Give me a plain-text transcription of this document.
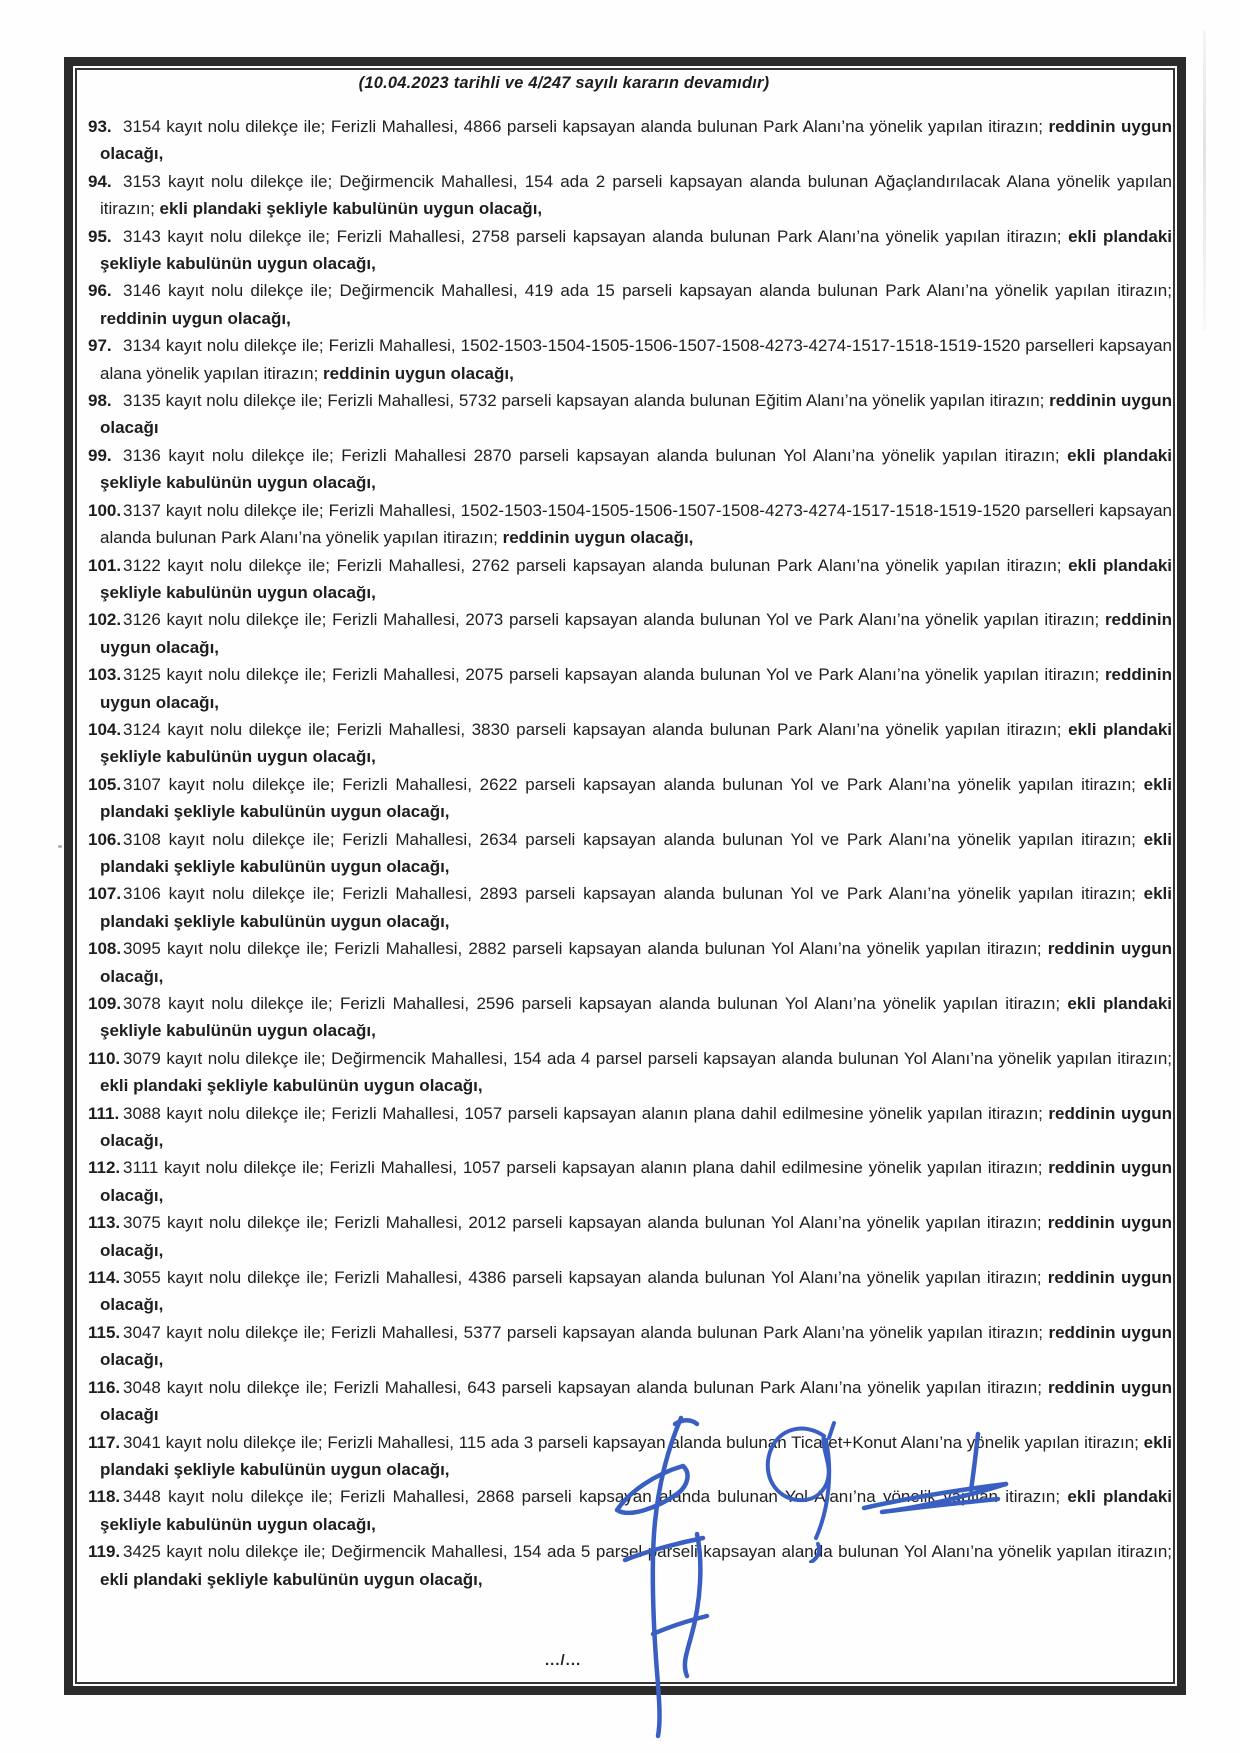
(10.04.2023 tarihli ve 4/247 sayılı kararın devamıdır)
93. 3154 kayıt nolu dilekçe ile; Ferizli Mahallesi, 4866 parseli kapsayan alanda bulunan Park Alanı’na yönelik yapılan itirazın; reddinin uygun olacağı,
94. 3153 kayıt nolu dilekçe ile; Değirmencik Mahallesi, 154 ada 2 parseli kapsayan alanda bulunan Ağaçlandırılacak Alana yönelik yapılan itirazın; ekli plandaki şekliyle kabulünün uygun olacağı,
95. 3143 kayıt nolu dilekçe ile; Ferizli Mahallesi, 2758 parseli kapsayan alanda bulunan Park Alanı’na yönelik yapılan itirazın; ekli plandaki şekliyle kabulünün uygun olacağı,
96. 3146 kayıt nolu dilekçe ile; Değirmencik Mahallesi, 419 ada 15 parseli kapsayan alanda bulunan Park Alanı’na yönelik yapılan itirazın; reddinin uygun olacağı,
97. 3134 kayıt nolu dilekçe ile; Ferizli Mahallesi, 1502-1503-1504-1505-1506-1507-1508-4273-4274-1517-1518-1519-1520 parselleri kapsayan alana yönelik yapılan itirazın; reddinin uygun olacağı,
98. 3135 kayıt nolu dilekçe ile; Ferizli Mahallesi, 5732 parseli kapsayan alanda bulunan Eğitim Alanı’na yönelik yapılan itirazın; reddinin uygun olacağı
99. 3136 kayıt nolu dilekçe ile; Ferizli Mahallesi 2870 parseli kapsayan alanda bulunan Yol Alanı’na yönelik yapılan itirazın; ekli plandaki şekliyle kabulünün uygun olacağı,
100. 3137 kayıt nolu dilekçe ile; Ferizli Mahallesi, 1502-1503-1504-1505-1506-1507-1508-4273-4274-1517-1518-1519-1520 parselleri kapsayan alanda bulunan Park Alanı’na yönelik yapılan itirazın; reddinin uygun olacağı,
101. 3122 kayıt nolu dilekçe ile; Ferizli Mahallesi, 2762 parseli kapsayan alanda bulunan Park Alanı’na yönelik yapılan itirazın; ekli plandaki şekliyle kabulünün uygun olacağı,
102. 3126 kayıt nolu dilekçe ile; Ferizli Mahallesi, 2073 parseli kapsayan alanda bulunan Yol ve Park Alanı’na yönelik yapılan itirazın; reddinin uygun olacağı,
103. 3125 kayıt nolu dilekçe ile; Ferizli Mahallesi, 2075 parseli kapsayan alanda bulunan Yol ve Park Alanı’na yönelik yapılan itirazın; reddinin uygun olacağı,
104. 3124 kayıt nolu dilekçe ile; Ferizli Mahallesi, 3830 parseli kapsayan alanda bulunan Park Alanı’na yönelik yapılan itirazın; ekli plandaki şekliyle kabulünün uygun olacağı,
105. 3107 kayıt nolu dilekçe ile; Ferizli Mahallesi, 2622 parseli kapsayan alanda bulunan Yol ve Park Alanı’na yönelik yapılan itirazın; ekli plandaki şekliyle kabulünün uygun olacağı,
106. 3108 kayıt nolu dilekçe ile; Ferizli Mahallesi, 2634 parseli kapsayan alanda bulunan Yol ve Park Alanı’na yönelik yapılan itirazın; ekli plandaki şekliyle kabulünün uygun olacağı,
107. 3106 kayıt nolu dilekçe ile; Ferizli Mahallesi, 2893 parseli kapsayan alanda bulunan Yol ve Park Alanı’na yönelik yapılan itirazın; ekli plandaki şekliyle kabulünün uygun olacağı,
108. 3095 kayıt nolu dilekçe ile; Ferizli Mahallesi, 2882 parseli kapsayan alanda bulunan Yol Alanı’na yönelik yapılan itirazın; reddinin uygun olacağı,
109. 3078 kayıt nolu dilekçe ile; Ferizli Mahallesi, 2596 parseli kapsayan alanda bulunan Yol Alanı’na yönelik yapılan itirazın; ekli plandaki şekliyle kabulünün uygun olacağı,
110. 3079 kayıt nolu dilekçe ile; Değirmencik Mahallesi, 154 ada 4 parsel parseli kapsayan alanda bulunan Yol Alanı’na yönelik yapılan itirazın; ekli plandaki şekliyle kabulünün uygun olacağı,
111. 3088 kayıt nolu dilekçe ile; Ferizli Mahallesi, 1057 parseli kapsayan alanın plana dahil edilmesine yönelik yapılan itirazın; reddinin uygun olacağı,
112. 3111 kayıt nolu dilekçe ile; Ferizli Mahallesi, 1057 parseli kapsayan alanın plana dahil edilmesine yönelik yapılan itirazın; reddinin uygun olacağı,
113. 3075 kayıt nolu dilekçe ile; Ferizli Mahallesi, 2012 parseli kapsayan alanda bulunan Yol Alanı’na yönelik yapılan itirazın; reddinin uygun olacağı,
114. 3055 kayıt nolu dilekçe ile; Ferizli Mahallesi, 4386 parseli kapsayan alanda bulunan Yol Alanı’na yönelik yapılan itirazın; reddinin uygun olacağı,
115. 3047 kayıt nolu dilekçe ile; Ferizli Mahallesi, 5377 parseli kapsayan alanda bulunan Park Alanı’na yönelik yapılan itirazın; reddinin uygun olacağı,
116. 3048 kayıt nolu dilekçe ile; Ferizli Mahallesi, 643 parseli kapsayan alanda bulunan Park Alanı’na yönelik yapılan itirazın; reddinin uygun olacağı
117. 3041 kayıt nolu dilekçe ile; Ferizli Mahallesi, 115 ada 3 parseli kapsayan alanda bulunan Ticaret+Konut Alanı’na yönelik yapılan itirazın; ekli plandaki şekliyle kabulünün uygun olacağı,
118. 3448 kayıt nolu dilekçe ile; Ferizli Mahallesi, 2868 parseli kapsayan alanda bulunan Yol Alanı’na yönelik yapılan itirazın; ekli plandaki şekliyle kabulünün uygun olacağı,
119. 3425 kayıt nolu dilekçe ile; Değirmencik Mahallesi, 154 ada 5 parsel parseli kapsayan alanda bulunan Yol Alanı’na yönelik yapılan itirazın; ekli plandaki şekliyle kabulünün uygun olacağı,
.../...
